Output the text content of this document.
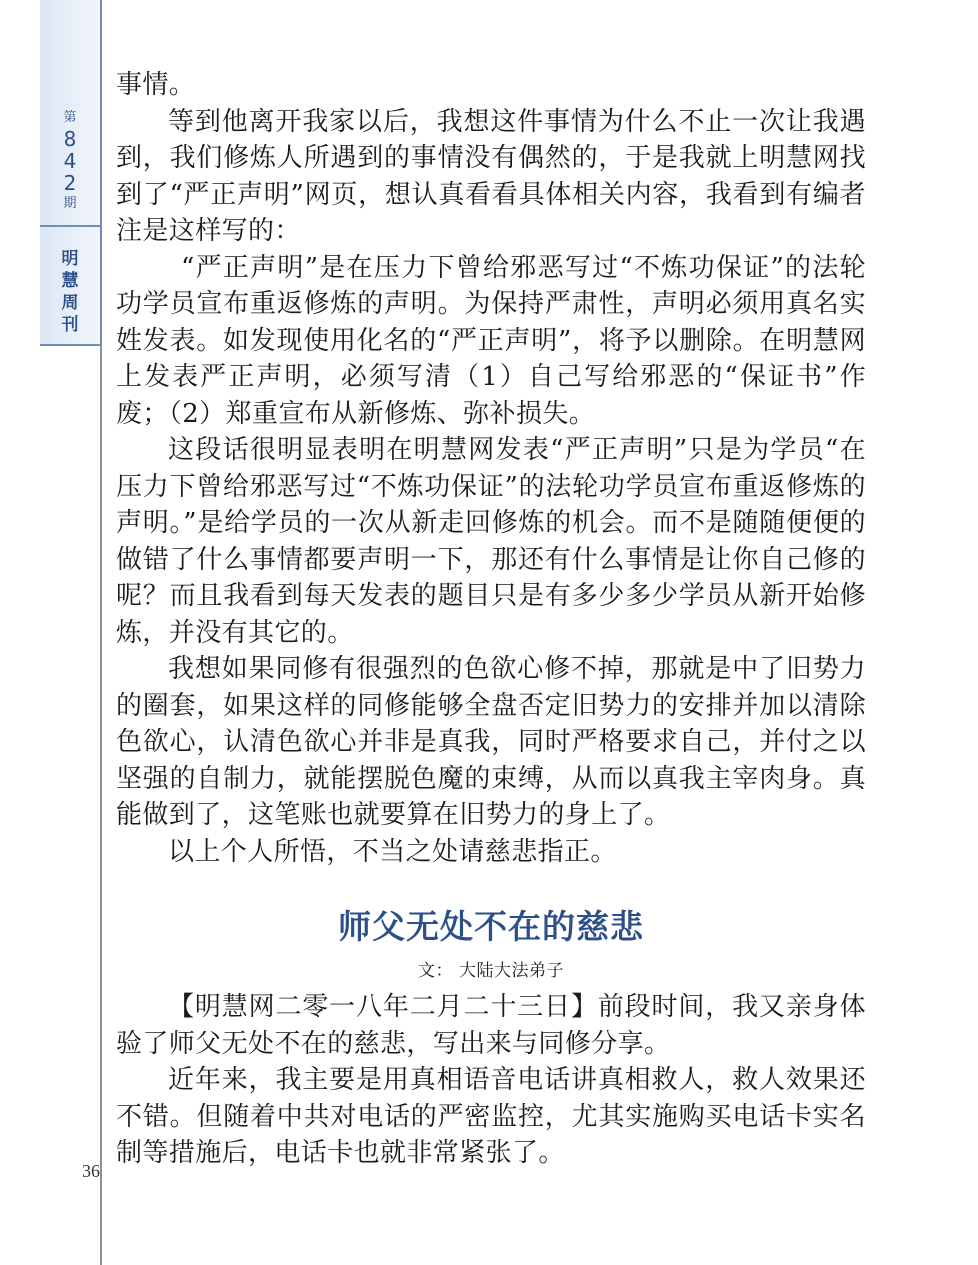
第
8
4
2
期
明
慧
周
刊
36

事情。

等到他离开我家以后，我想这件事情为什么不止一次让我遇到，我们修炼人所遇到的事情没有偶然的，于是我就上明慧网找到了“严正声明”网页，想认真看看具体相关内容，我看到有编者注是这样写的：

“严正声明”是在压力下曾给邪恶写过“不炼功保证”的法轮功学员宣布重返修炼的声明。为保持严肃性，声明必须用真名实姓发表。如发现使用化名的“严正声明”，将予以删除。在明慧网上发表严正声明，必须写清（1）自己写给邪恶的“保证书”作废；（2）郑重宣布从新修炼、弥补损失。

这段话很明显表明在明慧网发表“严正声明”只是为学员“在压力下曾给邪恶写过“不炼功保证”的法轮功学员宣布重返修炼的声明。”是给学员的一次从新走回修炼的机会。而不是随随便便的做错了什么事情都要声明一下，那还有什么事情是让你自己修的呢？而且我看到每天发表的题目只是有多少多少学员从新开始修炼，并没有其它的。

我想如果同修有很强烈的色欲心修不掉，那就是中了旧势力的圈套，如果这样的同修能够全盘否定旧势力的安排并加以清除色欲心，认清色欲心并非是真我，同时严格要求自己，并付之以坚强的自制力，就能摆脱色魔的束缚，从而以真我主宰肉身。真能做到了，这笔账也就要算在旧势力的身上了。

以上个人所悟，不当之处请慈悲指正。

师父无处不在的慈悲
文： 大陆大法弟子

【明慧网二零一八年二月二十三日】前段时间，我又亲身体验了师父无处不在的慈悲，写出来与同修分享。

近年来，我主要是用真相语音电话讲真相救人，救人效果还不错。但随着中共对电话的严密监控，尤其实施购买电话卡实名制等措施后，电话卡也就非常紧张了。
